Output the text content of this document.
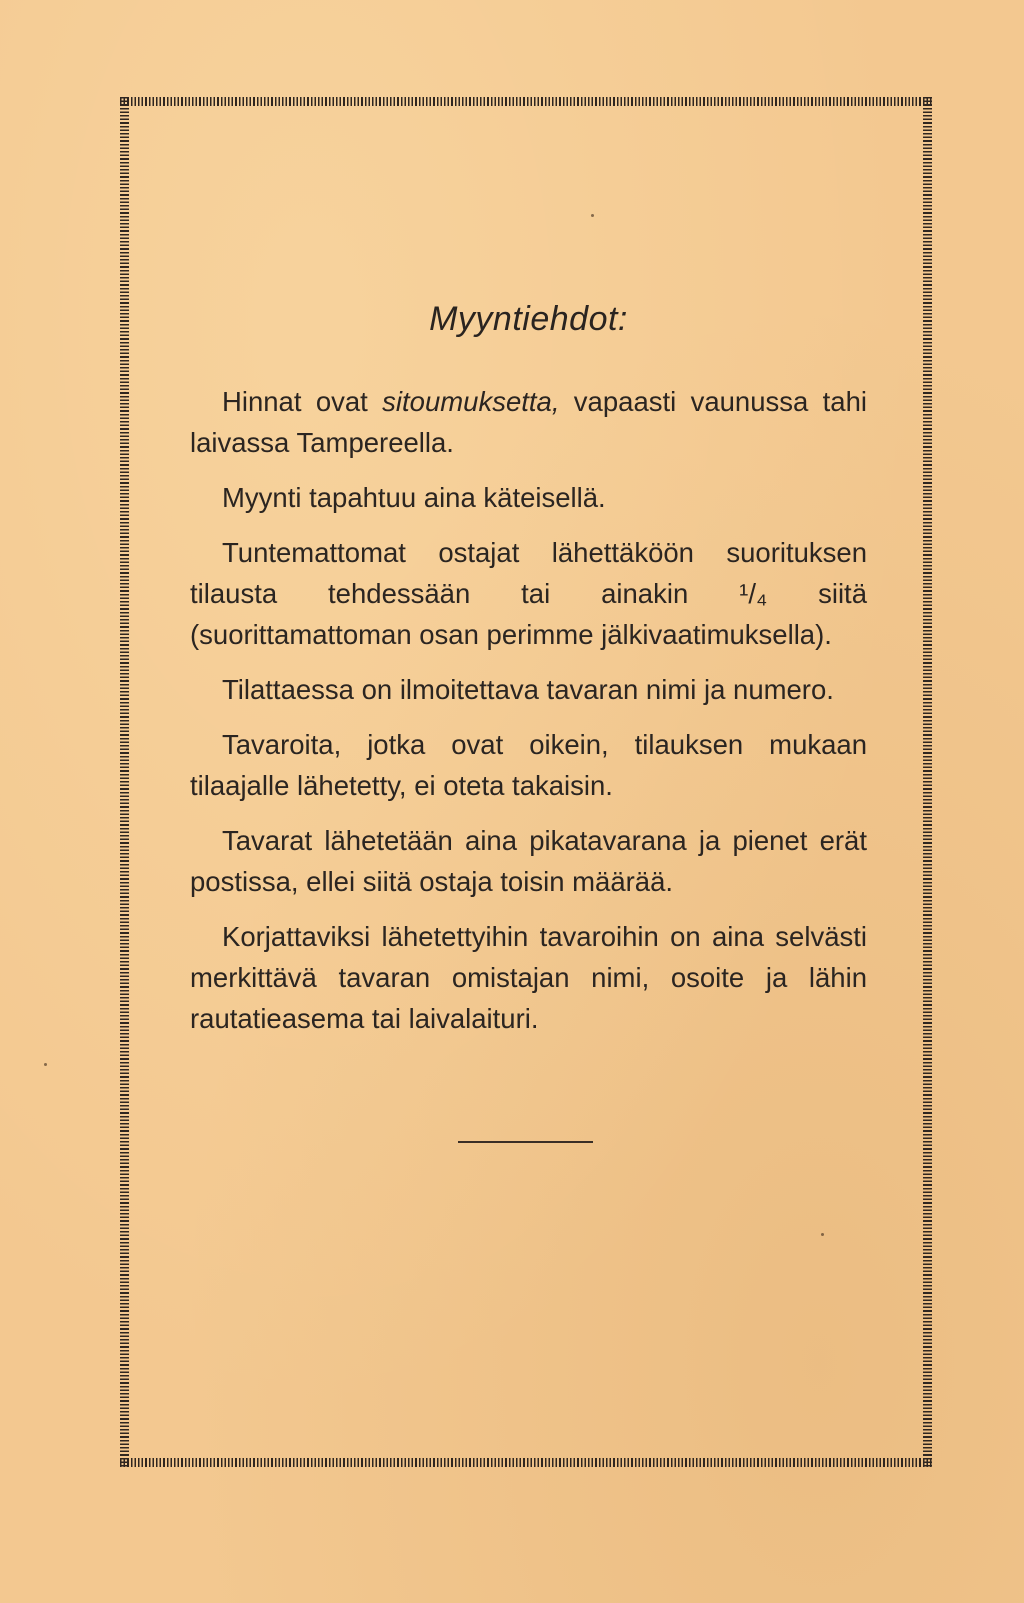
Myyntiehdot:

Hinnat ovat sitoumuksetta, vapaasti vaunussa tahi laivassa Tampereella.

Myynti tapahtuu aina käteisellä.

Tuntemattomat ostajat lähettäköön suorituksen tilausta tehdessään tai ainakin ¹/₄ siitä (suorittamattoman osan perimme jälkivaatimuksella).

Tilattaessa on ilmoitettava tavaran nimi ja numero.

Tavaroita, jotka ovat oikein, tilauksen mukaan tilaajalle lähetetty, ei oteta takaisin.

Tavarat lähetetään aina pikatavarana ja pienet erät postissa, ellei siitä ostaja toisin määrää.

Korjattaviksi lähetettyihin tavaroihin on aina selvästi merkittävä tavaran omistajan nimi, osoite ja lähin rautatieasema tai laivalaituri.
